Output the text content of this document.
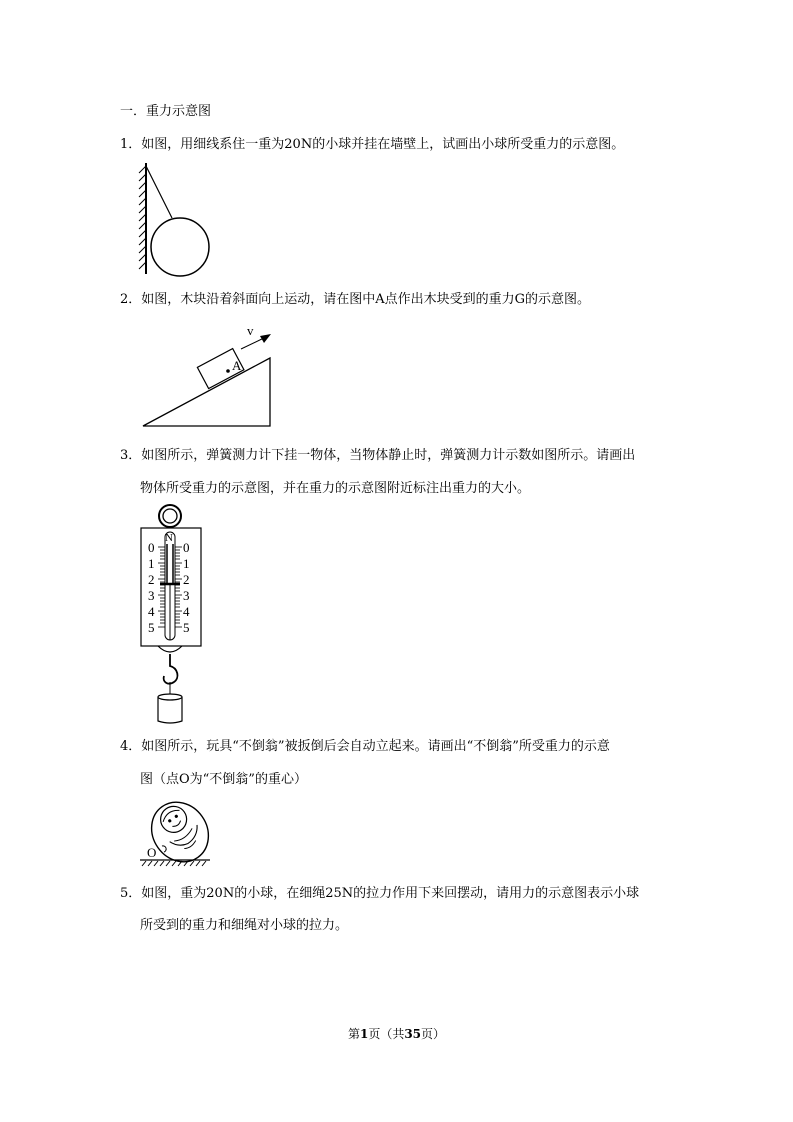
一．重力示意图
1．如图，用细线系住一重为20N的小球并挂在墙壁上，试画出小球所受重力的示意图。
2．如图，木块沿着斜面向上运动，请在图中A点作出木块受到的重力G的示意图。
v
A
3．如图所示，弹簧测力计下挂一物体，当物体静止时，弹簧测力计示数如图所示。请画出
物体所受重力的示意图，并在重力的示意图附近标注出重力的大小。
N
0
1
2
3
4
5
0
1
2
3
4
5
4．如图所示，玩具“不倒翁”被扳倒后会自动立起来。请画出“不倒翁”所受重力的示意
图（点O为“不倒翁”的重心）
O
5．如图，重为20N的小球，在细绳25N的拉力作用下来回摆动，请用力的示意图表示小球
所受到的重力和细绳对小球的拉力。
第1页（共35页）
